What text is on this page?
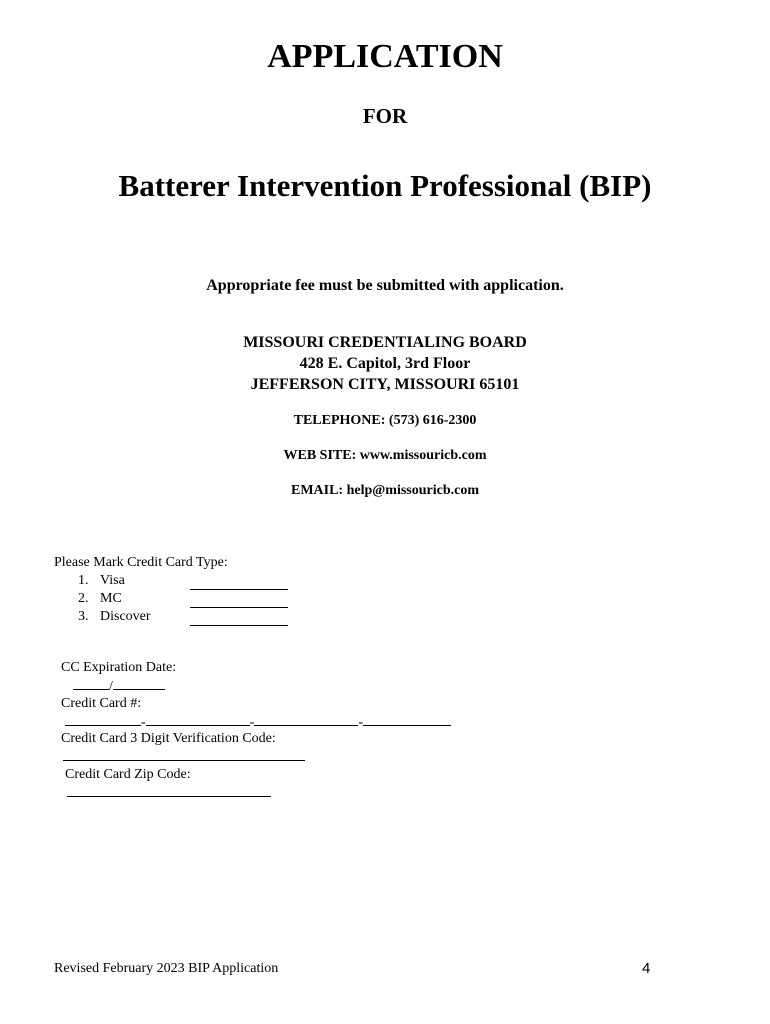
APPLICATION
FOR
Batterer Intervention Professional (BIP)
Appropriate fee must be submitted with application.
MISSOURI CREDENTIALING BOARD
428 E. Capitol, 3rd Floor
JEFFERSON CITY, MISSOURI 65101
TELEPHONE: (573) 616-2300
WEB SITE: www.missouricb.com
EMAIL: help@missouricb.com
Please Mark Credit Card Type:
1. Visa
2. MC
3. Discover

CC Expiration Date:
/

Credit Card #:
-	-	-

Credit Card 3 Digit Verification Code:

Credit Card Zip Code:

Revised February 2023 BIP Application	4
